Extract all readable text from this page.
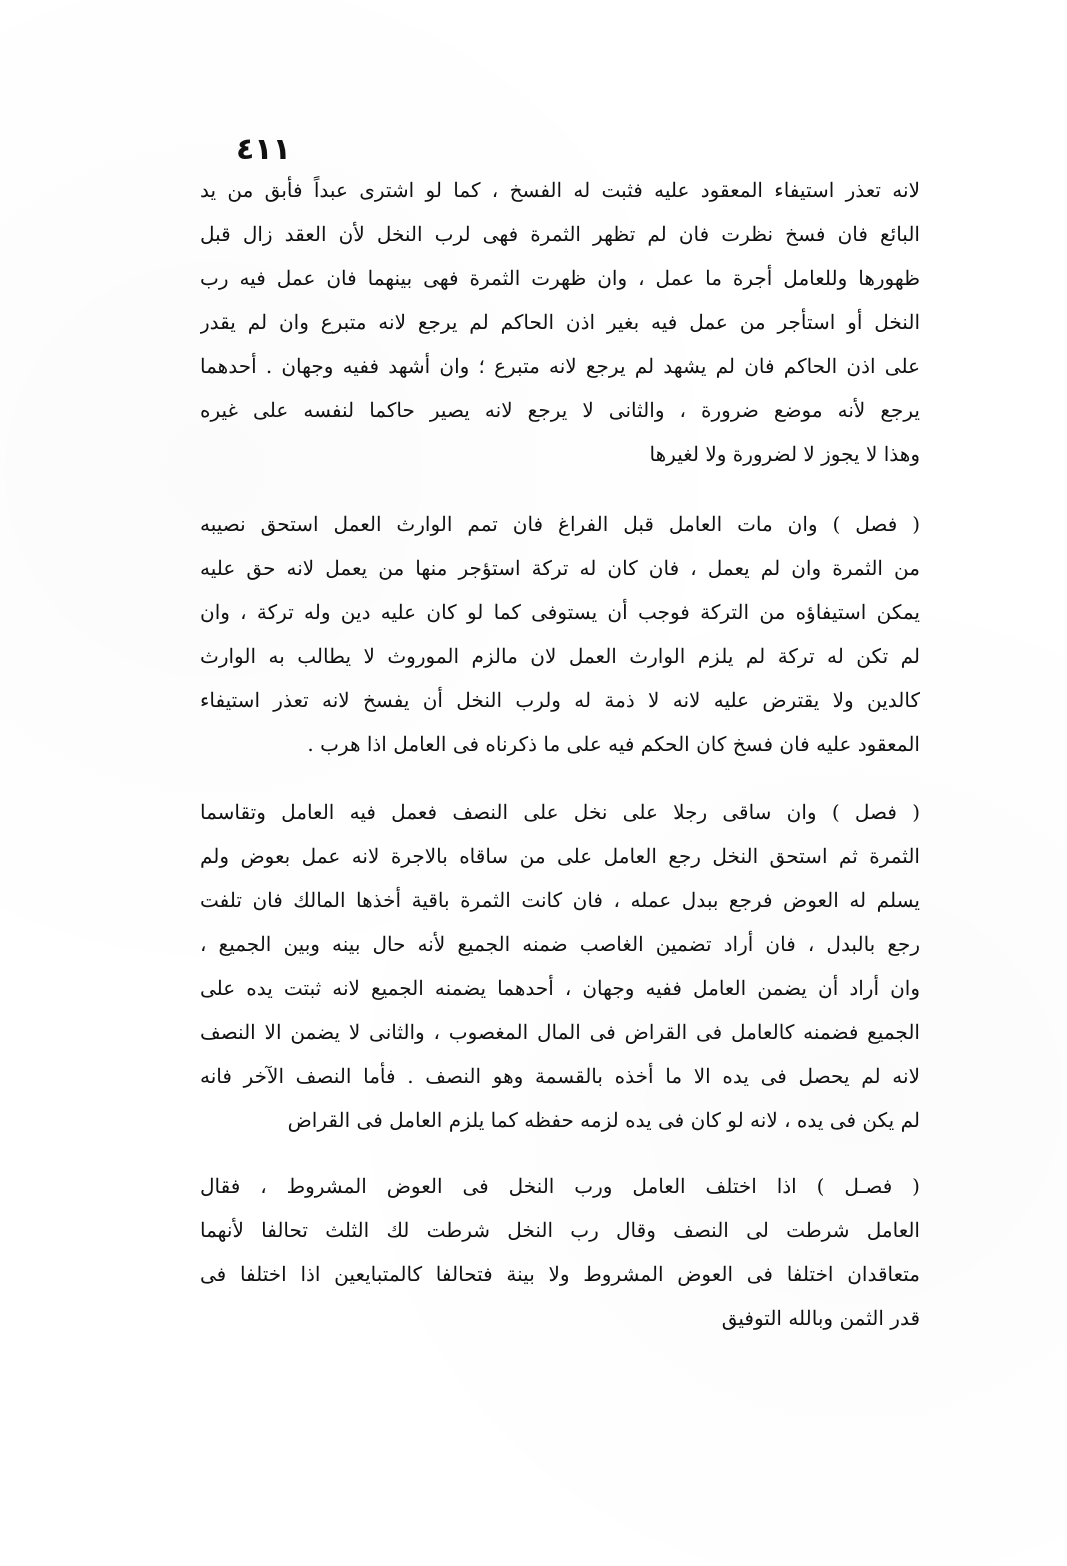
٤١١
لانه تعذر استيفاء المعقود عليه فثبت له الفسخ ، كما لو اشترى عبداً فأبق من يد
البائع فان فسخ نظرت فان لم تظهر الثمرة فهى لرب النخل لأن العقد زال قبل
ظهورها وللعامل أجرة ما عمل ، وان ظهرت الثمرة فهى بينهما فان عمل فيه رب
النخل أو استأجر من عمل فيه بغير اذن الحاكم لم يرجع لانه متبرع وان لم يقدر
على اذن الحاكم فان لم يشهد لم يرجع لانه متبرع ؛ وان أشهد ففيه وجهان . أحدهما
يرجع لأنه موضع ضرورة ، والثانى لا يرجع لانه يصير حاكما لنفسه على غيره
وهذا لا يجوز لا لضرورة ولا لغيرها
( فصل ) وان مات العامل قبل الفراغ فان تمم الوارث العمل استحق نصيبه
من الثمرة وان لم يعمل ، فان كان له تركة استؤجر منها من يعمل لانه حق عليه
يمكن استيفاؤه من التركة فوجب أن يستوفى كما لو كان عليه دين وله تركة ، وان
لم تكن له تركة لم يلزم الوارث العمل لان مالزم الموروث لا يطالب به الوارث
كالدين ولا يقترض عليه لانه لا ذمة له ولرب النخل أن يفسخ لانه تعذر استيفاء
المعقود عليه فان فسخ كان الحكم فيه على ما ذكرناه فى العامل اذا هرب .
( فصل ) وان ساقى رجلا على نخل على النصف فعمل فيه العامل وتقاسما
الثمرة ثم استحق النخل رجع العامل على من ساقاه بالاجرة لانه عمل بعوض ولم
يسلم له العوض فرجع ببدل عمله ، فان كانت الثمرة باقية أخذها المالك فان تلفت
رجع بالبدل ، فان أراد تضمين الغاصب ضمنه الجميع لأنه حال بينه وبين الجميع ،
وان أراد أن يضمن العامل ففيه وجهان ، أحدهما يضمنه الجميع لانه ثبتت يده على
الجميع فضمنه كالعامل فى القراض فى المال المغصوب ، والثانى لا يضمن الا النصف
لانه لم يحصل فى يده الا ما أخذه بالقسمة وهو النصف . فأما النصف الآخر فانه
لم يكن فى يده ، لانه لو كان فى يده لزمه حفظه كما يلزم العامل فى القراض
( فصـل ) اذا اختلف العامل ورب النخل فى العوض المشروط ، فقال
العامل شرطت لى النصف وقال رب النخل شرطت لك الثلث تحالفا لأنهما
متعاقدان اختلفا فى العوض المشروط ولا بينة فتحالفا كالمتبايعين اذا اختلفا فى
قدر الثمن وبالله التوفيق
